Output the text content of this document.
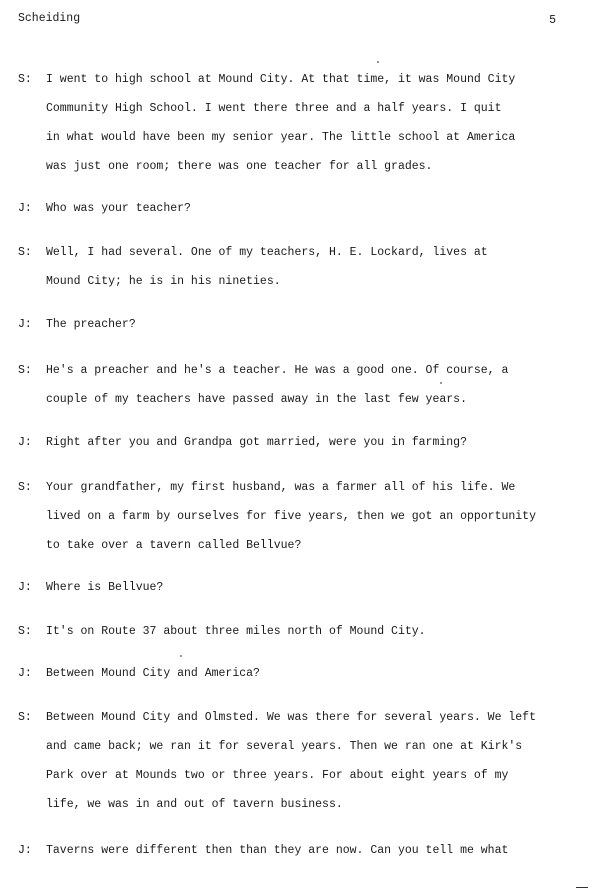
Scheiding	5
S: I went to high school at Mound City. At that time, it was Mound City
Community High School. I went there three and a half years. I quit
in what would have been my senior year. The little school at America
was just one room; there was one teacher for all grades.
J: Who was your teacher?
S: Well, I had several. One of my teachers, H. E. Lockard, lives at
Mound City; he is in his nineties.
J: The preacher?
S: He's a preacher and he's a teacher. He was a good one. Of course, a
couple of my teachers have passed away in the last few years.
J: Right after you and Grandpa got married, were you in farming?
S: Your grandfather, my first husband, was a farmer all of his life. We
lived on a farm by ourselves for five years, then we got an opportunity
to take over a tavern called Bellvue?
J: Where is Bellvue?
S: It's on Route 37 about three miles north of Mound City.
J: Between Mound City and America?
S: Between Mound City and Olmsted. We was there for several years. We left
and came back; we ran it for several years. Then we ran one at Kirk's
Park over at Mounds two or three years. For about eight years of my
life, we was in and out of tavern business.
J: Taverns were different then than they are now. Can you tell me what
